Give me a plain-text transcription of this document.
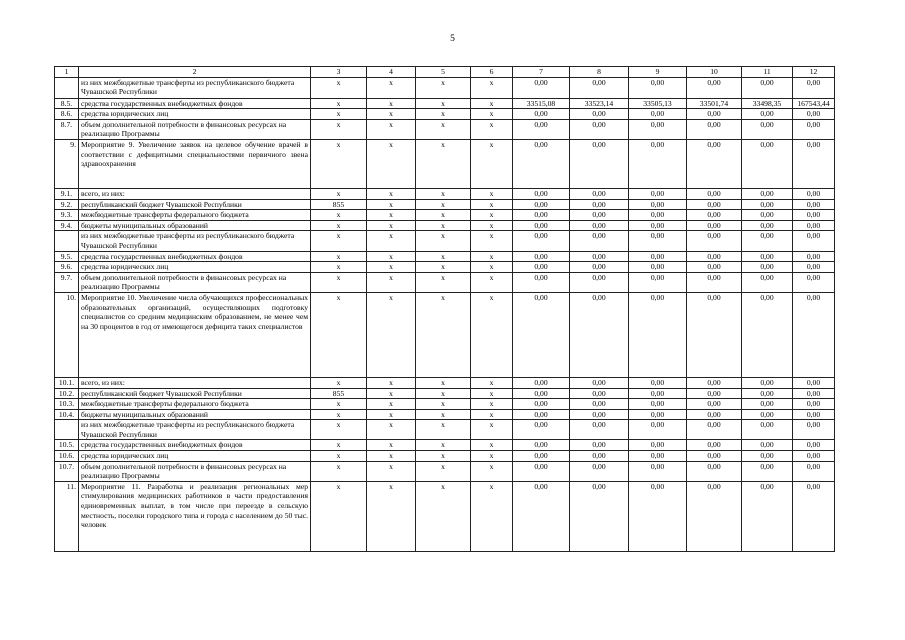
5
1	2	3	4	5	6	7	8	9	10	11	12
	из них межбюджетные трансферты из республиканского бюджета Чувашской Республики	x	x	x	x	0,00	0,00	0,00	0,00	0,00	0,00
8.5.	средства государственных внебюджетных фондов	x	x	x	x	33515,08	33523,14	33505,13	33501,74	33498,35	167543,44
8.6.	средства юридических лиц	x	x	x	x	0,00	0,00	0,00	0,00	0,00	0,00
8.7.	объем дополнительной потребности в финансовых ресурсах на реализацию Программы	x	x	x	x	0,00	0,00	0,00	0,00	0,00	0,00
9.	Мероприятие 9. Увеличение заявок на целевое обучение врачей в соответствии с дефицитными специальностями первичного звена здравоохранения	x	x	x	x	0,00	0,00	0,00	0,00	0,00	0,00
9.1.	всего, из них:	x	x	x	x	0,00	0,00	0,00	0,00	0,00	0,00
9.2.	республиканский бюджет Чувашской Республики	855	x	x	x	0,00	0,00	0,00	0,00	0,00	0,00
9.3.	межбюджетные трансферты федерального бюджета	x	x	x	x	0,00	0,00	0,00	0,00	0,00	0,00
9.4.	бюджеты муниципальных образований	x	x	x	x	0,00	0,00	0,00	0,00	0,00	0,00
	из них межбюджетные трансферты из республиканского бюджета Чувашской Республики	x	x	x	x	0,00	0,00	0,00	0,00	0,00	0,00
9.5.	средства государственных внебюджетных фондов	x	x	x	x	0,00	0,00	0,00	0,00	0,00	0,00
9.6.	средства юридических лиц	x	x	x	x	0,00	0,00	0,00	0,00	0,00	0,00
9.7.	объем дополнительной потребности в финансовых ресурсах на реализацию Программы	x	x	x	x	0,00	0,00	0,00	0,00	0,00	0,00
10.	Мероприятие 10. Увеличение числа обучающихся профессиональных образовательных организаций, осуществляющих подготовку специалистов со средним медицинским образованием, не менее чем на 30 процентов в год от имеющегося дефицита таких специалистов	x	x	x	x	0,00	0,00	0,00	0,00	0,00	0,00
10.1.	всего, из них:	x	x	x	x	0,00	0,00	0,00	0,00	0,00	0,00
10.2.	республиканский бюджет Чувашской Республики	855	x	x	x	0,00	0,00	0,00	0,00	0,00	0,00
10.3.	межбюджетные трансферты федерального бюджета	x	x	x	x	0,00	0,00	0,00	0,00	0,00	0,00
10.4.	бюджеты муниципальных образований	x	x	x	x	0,00	0,00	0,00	0,00	0,00	0,00
	из них межбюджетные трансферты из республиканского бюджета Чувашской Республики	x	x	x	x	0,00	0,00	0,00	0,00	0,00	0,00
10.5.	средства государственных внебюджетных фондов	x	x	x	x	0,00	0,00	0,00	0,00	0,00	0,00
10.6.	средства юридических лиц	x	x	x	x	0,00	0,00	0,00	0,00	0,00	0,00
10.7.	объем дополнительной потребности в финансовых ресурсах на реализацию Программы	x	x	x	x	0,00	0,00	0,00	0,00	0,00	0,00
11.	Мероприятие 11. Разработка и реализация региональных мер стимулирования медицинских работников в части предоставления единовременных выплат, в том числе при переезде в сельскую местность, поселки городского типа и города с населением до 50 тыс. человек	x	x	x	x	0,00	0,00	0,00	0,00	0,00	0,00
